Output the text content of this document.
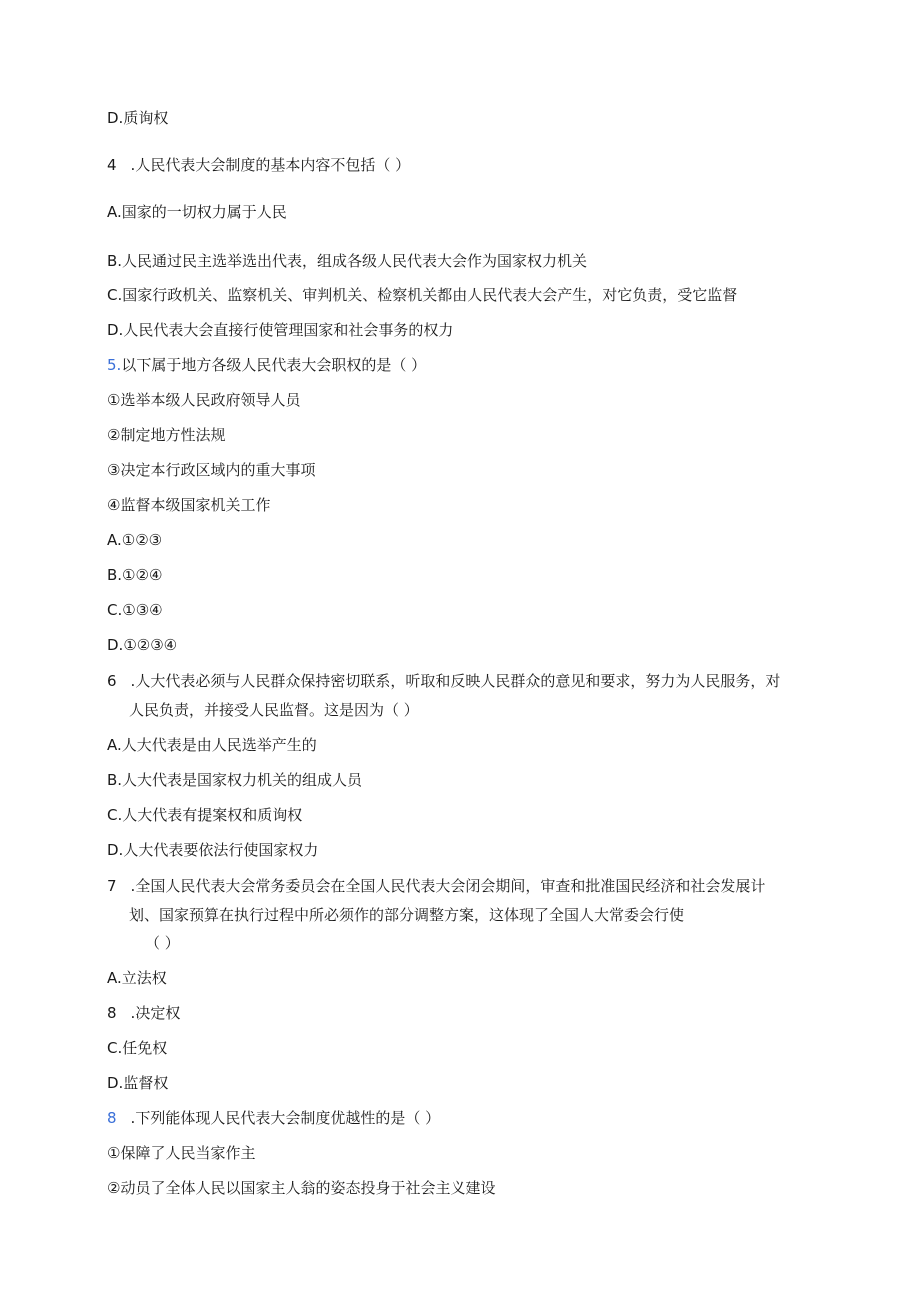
D.质询权
4 .人民代表大会制度的基本内容不包括（ ）
A.国家的一切权力属于人民
B.人民通过民主选举选出代表，组成各级人民代表大会作为国家权力机关
C.国家行政机关、监察机关、审判机关、检察机关都由人民代表大会产生，对它负责，受它监督
D.人民代表大会直接行使管理国家和社会事务的权力
5.以下属于地方各级人民代表大会职权的是（ ）
①选举本级人民政府领导人员
②制定地方性法规
③决定本行政区域内的重大事项
④监督本级国家机关工作
A.①②③
B.①②④
C.①③④
D.①②③④
6 .人大代表必须与人民群众保持密切联系，听取和反映人民群众的意见和要求，努力为人民服务，对
人民负责，并接受人民监督。这是因为（ ）
A.人大代表是由人民选举产生的
B.人大代表是国家权力机关的组成人员
C.人大代表有提案权和质询权
D.人大代表要依法行使国家权力
7 .全国人民代表大会常务委员会在全国人民代表大会闭会期间，审查和批准国民经济和社会发展计
划、国家预算在执行过程中所必须作的部分调整方案，这体现了全国人大常委会行使
（ ）
A.立法权
8 .决定权
C.任免权
D.监督权
8 .下列能体现人民代表大会制度优越性的是（ ）
①保障了人民当家作主
②动员了全体人民以国家主人翁的姿态投身于社会主义建设
